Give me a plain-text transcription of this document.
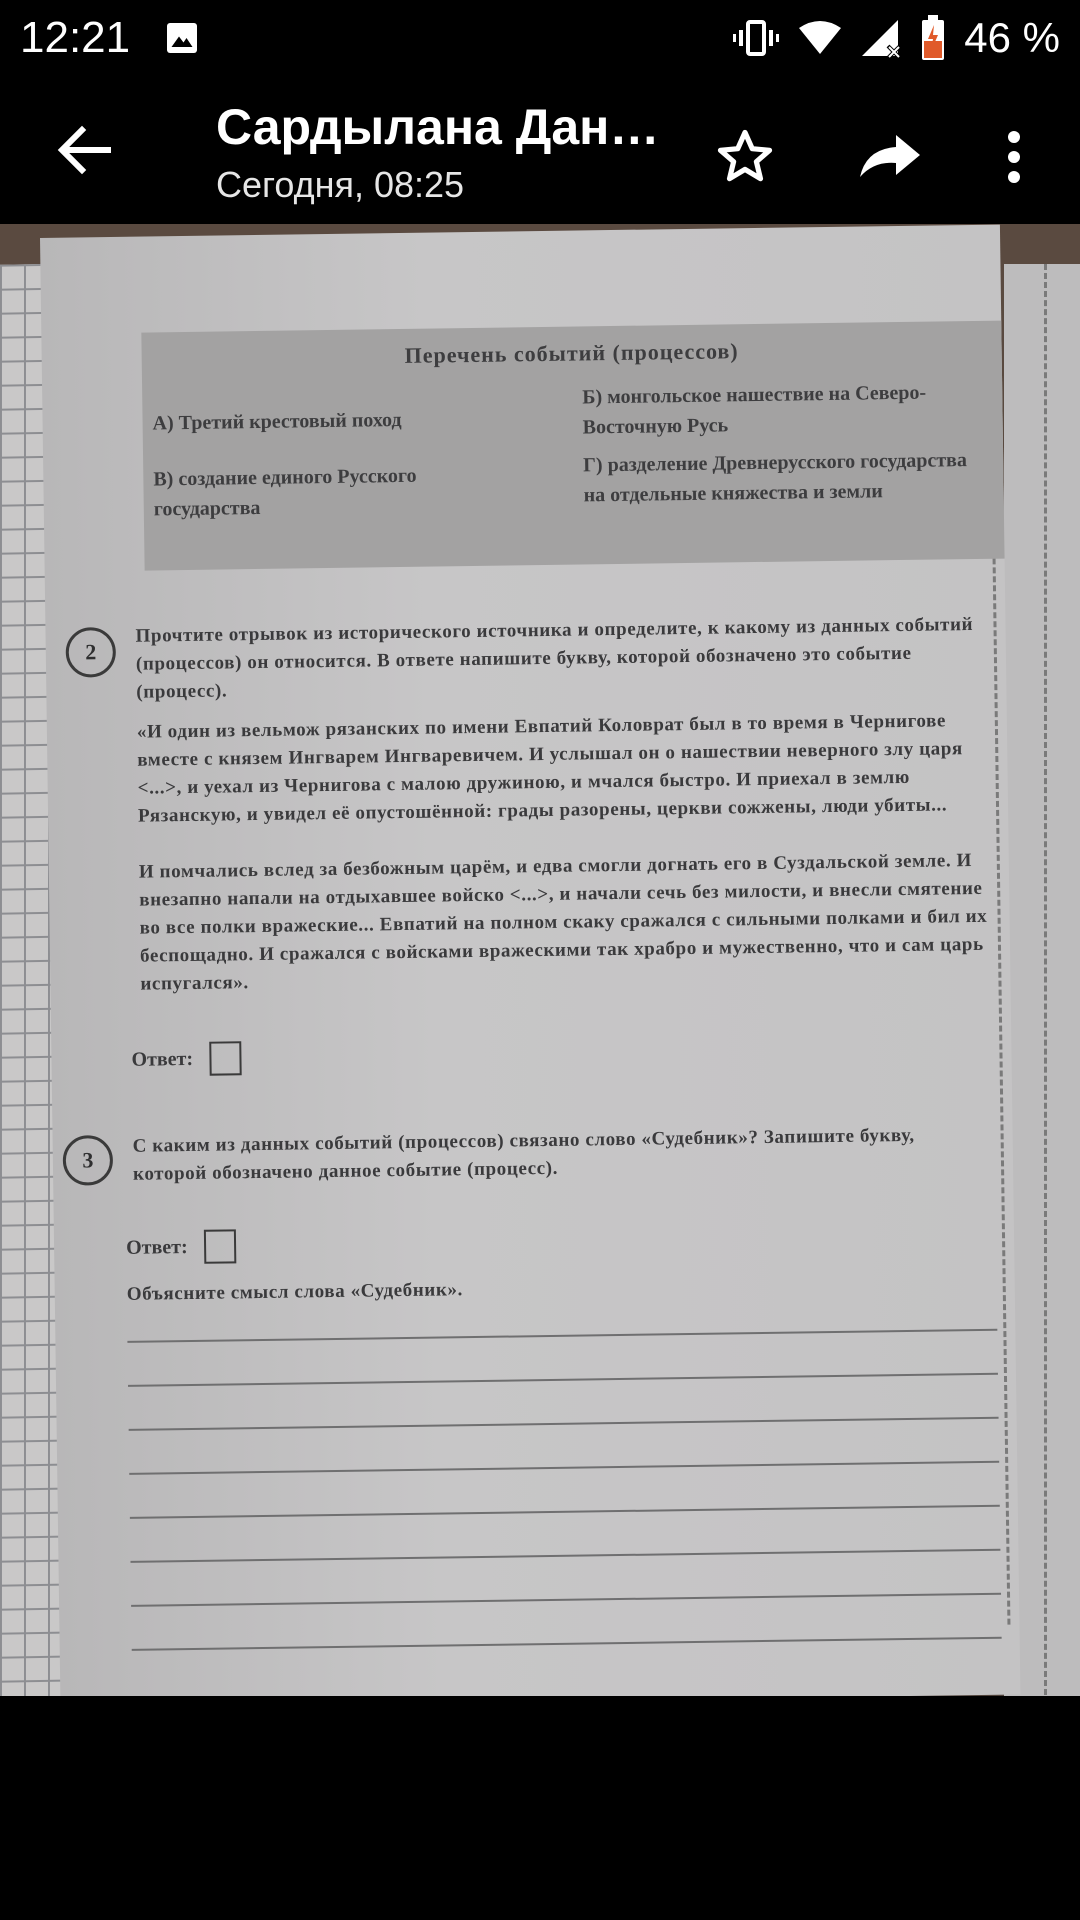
12:21	46 %
Сардылана Дан…
Сегодня, 08:25
Перечень событий (процессов)
А) Третий крестовый поход
В) создание единого Русского государства
Б) монгольское нашествие на Северо-Восточную Русь
Г) разделение Древнерусского государства на отдельные княжества и земли
2
Прочтите отрывок из исторического источника и определите, к какому из данных событий (процессов) он относится. В ответе напишите букву, которой обозначено это событие (процесс).
«И один из вельмож рязанских по имени Евпатий Коловрат был в то время в Чернигове вместе с князем Ингварем Ингваревичем. И услышал он о нашествии неверного злу царя <...>, и уехал из Чернигова с малою дружиною, и мчался быстро. И приехал в землю Рязанскую, и увидел её опустошённой: грады разорены, церкви сожжены, люди убиты...
И помчались вслед за безбожным царём, и едва смогли догнать его в Суздальской земле. И внезапно напали на отдыхавшее войско <...>, и начали сечь без милости, и внесли смятение во все полки вражеские... Евпатий на полном скаку сражался с сильными полками и бил их беспощадно. И сражался с войсками вражескими так храбро и мужественно, что и сам царь испугался».
Ответ:
3
С каким из данных событий (процессов) связано слово «Судебник»? Запишите букву, которой обозначено данное событие (процесс).
Ответ:
Объясните смысл слова «Судебник».
